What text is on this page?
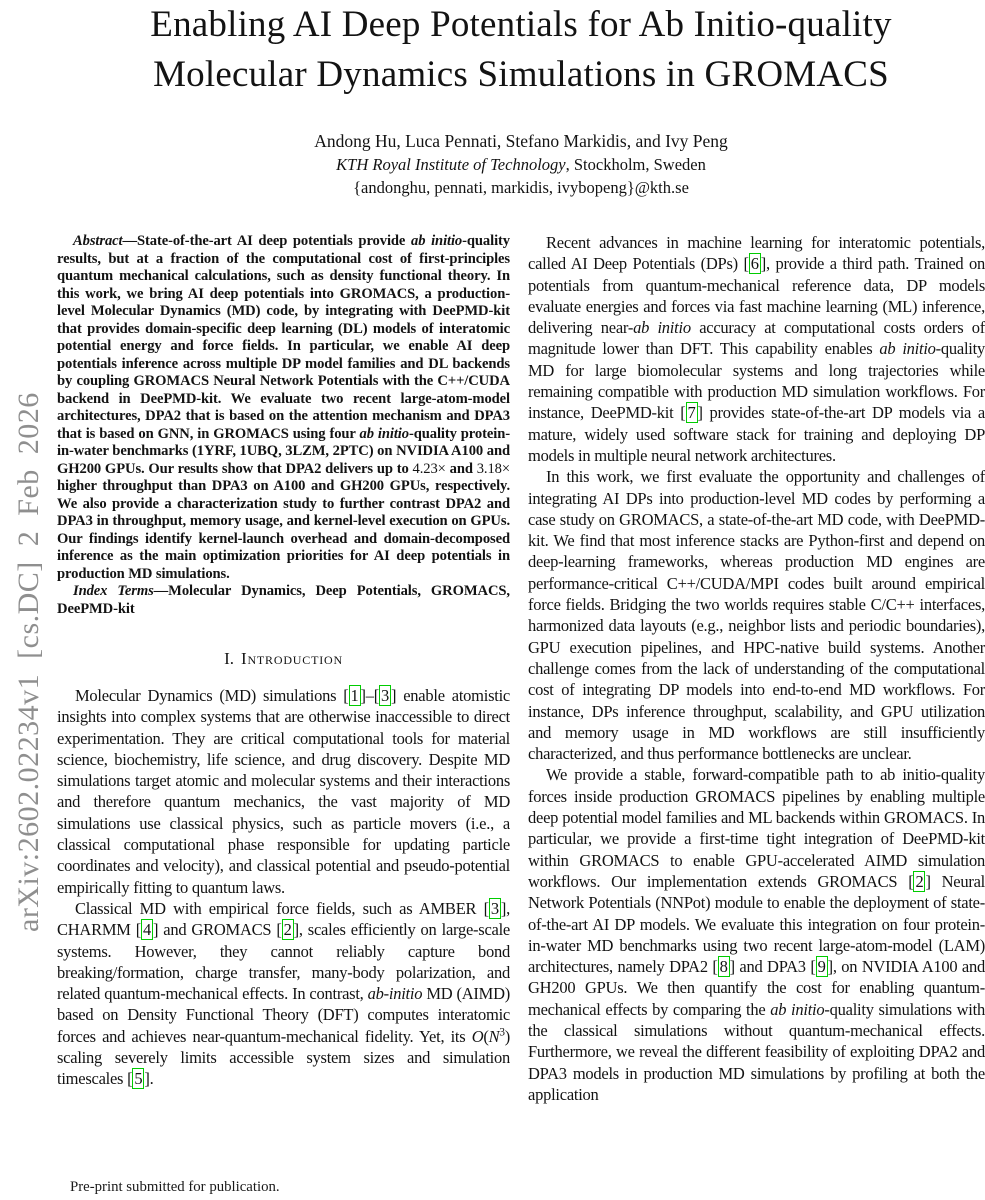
arXiv:2602.02234v1 [cs.DC] 2 Feb 2026
Enabling AI Deep Potentials for Ab Initio-quality
Molecular Dynamics Simulations in GROMACS
Andong Hu, Luca Pennati, Stefano Markidis, and Ivy Peng
KTH Royal Institute of Technology, Stockholm, Sweden
{andonghu, pennati, markidis, ivybopeng}@kth.se

Abstract—State-of-the-art AI deep potentials provide ab initio-quality results, but at a fraction of the computational cost of first-principles quantum mechanical calculations, such as density functional theory. In this work, we bring AI deep potentials into GROMACS, a production-level Molecular Dynamics (MD) code, by integrating with DeePMD-kit that provides domain-specific deep learning (DL) models of interatomic potential energy and force fields. In particular, we enable AI deep potentials inference across multiple DP model families and DL backends by coupling GROMACS Neural Network Potentials with the C++/CUDA backend in DeePMD-kit. We evaluate two recent large-atom-model architectures, DPA2 that is based on the attention mechanism and DPA3 that is based on GNN, in GROMACS using four ab initio-quality protein-in-water benchmarks (1YRF, 1UBQ, 3LZM, 2PTC) on NVIDIA A100 and GH200 GPUs. Our results show that DPA2 delivers up to 4.23× and 3.18× higher throughput than DPA3 on A100 and GH200 GPUs, respectively. We also provide a characterization study to further contrast DPA2 and DPA3 in throughput, memory usage, and kernel-level execution on GPUs. Our findings identify kernel-launch overhead and domain-decomposed inference as the main optimization priorities for AI deep potentials in production MD simulations.

Index Terms—Molecular Dynamics, Deep Potentials, GROMACS, DeePMD-kit

I. Introduction

Molecular Dynamics (MD) simulations [ 1 ]–[ 3 ] enable atomistic insights into complex systems that are otherwise inaccessible to direct experimentation. They are critical computational tools for material science, biochemistry, life science, and drug discovery. Despite MD simulations target atomic and molecular systems and their interactions and therefore quantum mechanics, the vast majority of MD simulations use classical physics, such as particle movers (i.e., a classical computational phase responsible for updating particle coordinates and velocity), and classical potential and pseudo-potential empirically fitting to quantum laws.

Classical MD with empirical force fields, such as AMBER [ 3 ], CHARMM [ 4 ] and GROMACS [ 2 ], scales efficiently on large-scale systems. However, they cannot reliably capture bond breaking/formation, charge transfer, many-body polarization, and related quantum-mechanical effects. In contrast, ab-initio MD (AIMD) based on Density Functional Theory (DFT) computes interatomic forces and achieves near-quantum-mechanical fidelity. Yet, its $O(N^3)$ scaling severely limits accessible system sizes and simulation timescales [ 5 ].

Recent advances in machine learning for interatomic potentials, called AI Deep Potentials (DPs) [ 6 ], provide a third path. Trained on potentials from quantum-mechanical reference data, DP models evaluate energies and forces via fast machine learning (ML) inference, delivering near-ab initio accuracy at computational costs orders of magnitude lower than DFT. This capability enables ab initio-quality MD for large biomolecular systems and long trajectories while remaining compatible with production MD simulation workflows. For instance, DeePMD-kit [ 7 ] provides state-of-the-art DP models via a mature, widely used software stack for training and deploying DP models in multiple neural network architectures.

In this work, we first evaluate the opportunity and challenges of integrating AI DPs into production-level MD codes by performing a case study on GROMACS, a state-of-the-art MD code, with DeePMD-kit. We find that most inference stacks are Python-first and depend on deep-learning frameworks, whereas production MD engines are performance-critical C++/CUDA/MPI codes built around empirical force fields. Bridging the two worlds requires stable C/C++ interfaces, harmonized data layouts (e.g., neighbor lists and periodic boundaries), GPU execution pipelines, and HPC-native build systems. Another challenge comes from the lack of understanding of the computational cost of integrating DP models into end-to-end MD workflows. For instance, DPs inference throughput, scalability, and GPU utilization and memory usage in MD workflows are still insufficiently characterized, and thus performance bottlenecks are unclear.

We provide a stable, forward-compatible path to ab initio-quality forces inside production GROMACS pipelines by enabling multiple deep potential model families and ML backends within GROMACS. In particular, we provide a first-time tight integration of DeePMD-kit within GROMACS to enable GPU-accelerated AIMD simulation workflows. Our implementation extends GROMACS [ 2 ] Neural Network Potentials (NNPot) module to enable the deployment of state-of-the-art AI DP models. We evaluate this integration on four protein-in-water MD benchmarks using two recent large-atom-model (LAM) architectures, namely DPA2 [ 8 ] and DPA3 [ 9 ], on NVIDIA A100 and GH200 GPUs. We then quantify the cost for enabling quantum-mechanical effects by comparing the ab initio-quality simulations with the classical simulations without quantum-mechanical effects. Furthermore, we reveal the different feasibility of exploiting DPA2 and DPA3 models in production MD simulations by profiling at both the application

Pre-print submitted for publication.
